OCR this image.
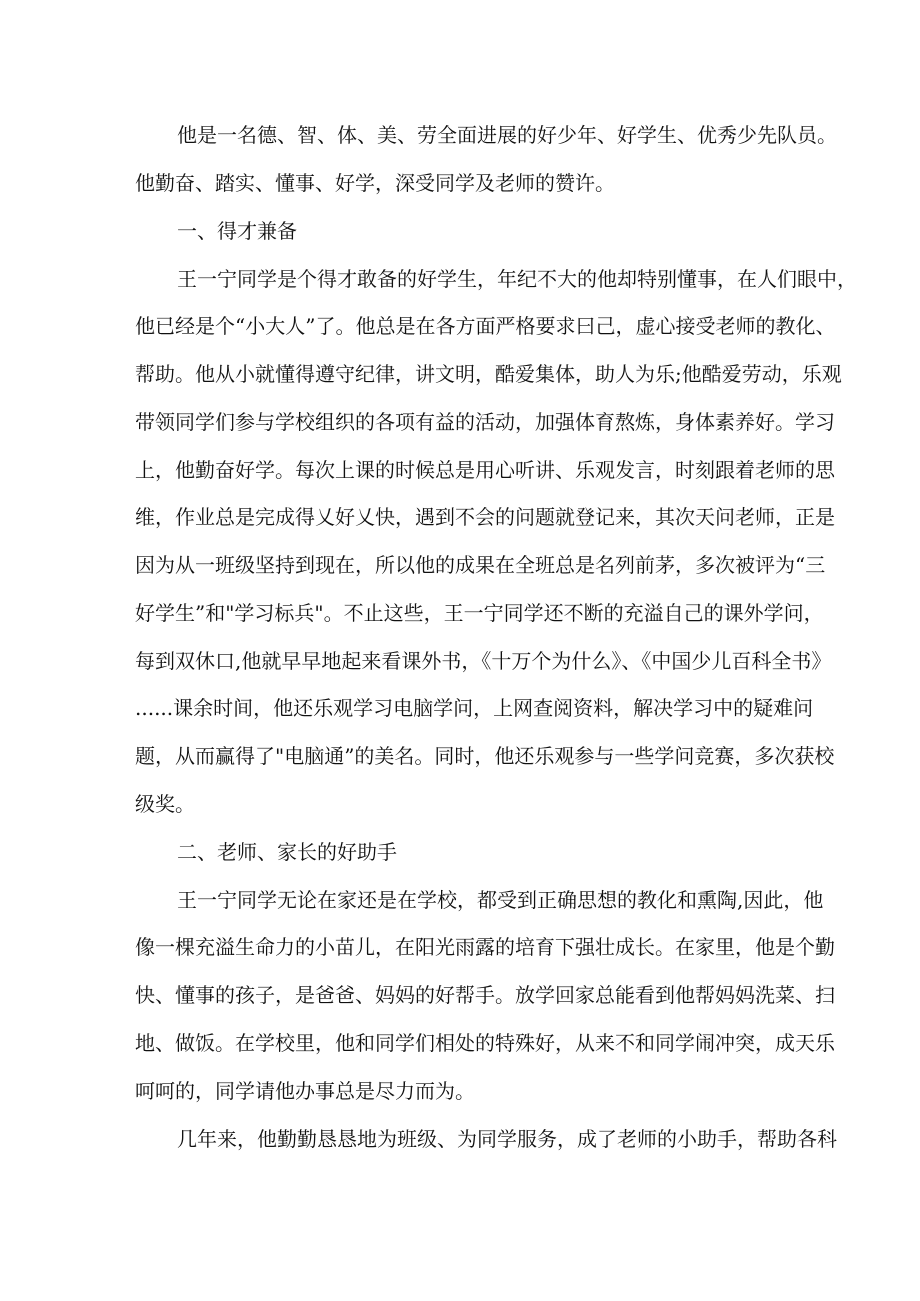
他是一名德、智、体、美、劳全面进展的好少年、好学生、优秀少先队员。
他勤奋、踏实、懂事、好学，深受同学及老师的赞许。
一、得才兼备
王一宁同学是个得才敢备的好学生，年纪不大的他却特别懂事，在人们眼中，
他已经是个“小大人”了。他总是在各方面严格要求曰己，虚心接受老师的教化、
帮助。他从小就懂得遵守纪律，讲文明，酷爱集体，助人为乐;他酷爱劳动，乐观
带领同学们参与学校组织的各项有益的活动，加强体育熬炼，身体素养好。学习
上，他勤奋好学。每次上课的时候总是用心听讲、乐观发言，时刻跟着老师的思
维，作业总是完成得乂好乂快，遇到不会的问题就登记来，其次天问老师，正是
因为从一班级坚持到现在，所以他的成果在全班总是名列前茅，多次被评为“三
好学生”和"学习标兵"。不止这些，王一宁同学还不断的充溢自己的课外学问，
每到双休口,他就早早地起来看课外书，《十万个为什么》、《中国少儿百科全书》
......课余时间，他还乐观学习电脑学问，上网查阅资料，解决学习中的疑难问
题，从而赢得了"电脑通”的美名。同时，他还乐观参与一些学问竞赛，多次获校
级奖。
二、老师、家长的好助手
王一宁同学无论在家还是在学校，都受到正确思想的教化和熏陶,因此，他
像一棵充溢生命力的小苗儿，在阳光雨露的培育下强壮成长。在家里，他是个勤
快、懂事的孩子，是爸爸、妈妈的好帮手。放学回家总能看到他帮妈妈洗菜、扫
地、做饭。在学校里，他和同学们相处的特殊好，从来不和同学闹冲突，成天乐
呵呵的，同学请他办事总是尽力而为。
几年来，他勤勤恳恳地为班级、为同学服务，成了老师的小助手，帮助各科
